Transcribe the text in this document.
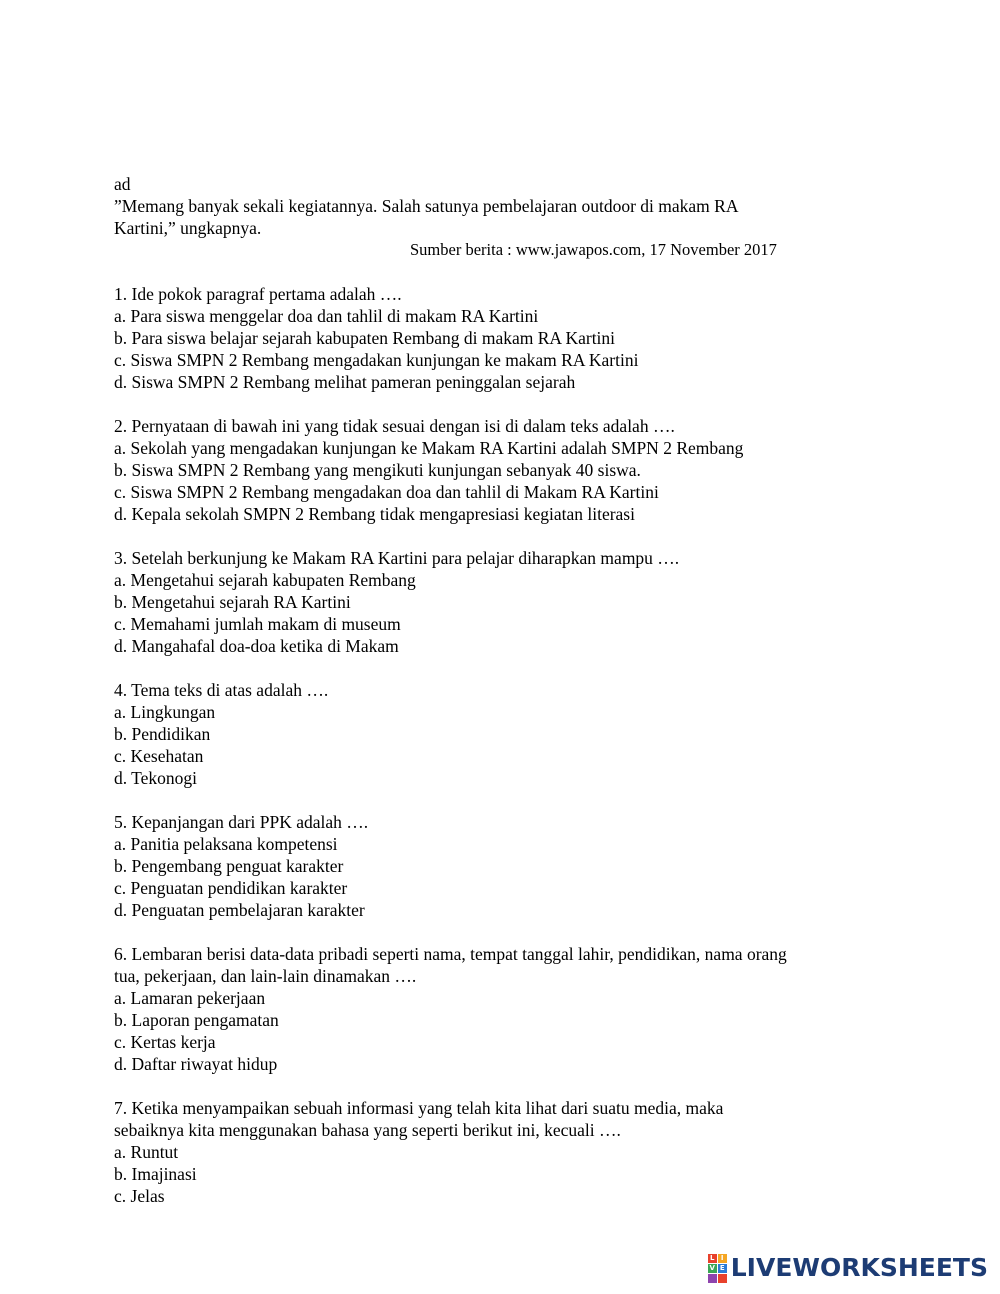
ad
”Memang banyak sekali kegiatannya. Salah satunya pembelajaran outdoor di makam RA
Kartini,” ungkapnya.
Sumber berita : www.jawapos.com, 17 November 2017
1. Ide pokok paragraf pertama adalah ….
a. Para siswa menggelar doa dan tahlil di makam RA Kartini
b. Para siswa belajar sejarah kabupaten Rembang di makam RA Kartini
c. Siswa SMPN 2 Rembang mengadakan kunjungan ke makam RA Kartini
d. Siswa SMPN 2 Rembang melihat pameran peninggalan sejarah
2. Pernyataan di bawah ini yang tidak sesuai dengan isi di dalam teks adalah ….
a. Sekolah yang mengadakan kunjungan ke Makam RA Kartini adalah SMPN 2 Rembang
b. Siswa SMPN 2 Rembang yang mengikuti kunjungan sebanyak 40 siswa.
c. Siswa SMPN 2 Rembang mengadakan doa dan tahlil di Makam RA Kartini
d. Kepala sekolah SMPN 2 Rembang tidak mengapresiasi kegiatan literasi
3. Setelah berkunjung ke Makam RA Kartini para pelajar diharapkan mampu ….
a. Mengetahui sejarah kabupaten Rembang
b. Mengetahui sejarah RA Kartini
c. Memahami jumlah makam di museum
d. Mangahafal doa-doa ketika di Makam
4. Tema teks di atas adalah ….
a. Lingkungan
b. Pendidikan
c. Kesehatan
d. Tekonogi
5. Kepanjangan dari PPK adalah ….
a. Panitia pelaksana kompetensi
b. Pengembang penguat karakter
c. Penguatan pendidikan karakter
d. Penguatan pembelajaran karakter
6. Lembaran berisi data-data pribadi seperti nama, tempat tanggal lahir, pendidikan, nama orang
tua, pekerjaan, dan lain-lain dinamakan ….
a. Lamaran pekerjaan
b. Laporan pengamatan
c. Kertas kerja
d. Daftar riwayat hidup
7. Ketika menyampaikan sebuah informasi yang telah kita lihat dari suatu media, maka
sebaiknya kita menggunakan bahasa yang seperti berikut ini, kecuali ….
a. Runtut
b. Imajinasi
c. Jelas
L I
V E LIVEWORKSHEETS
